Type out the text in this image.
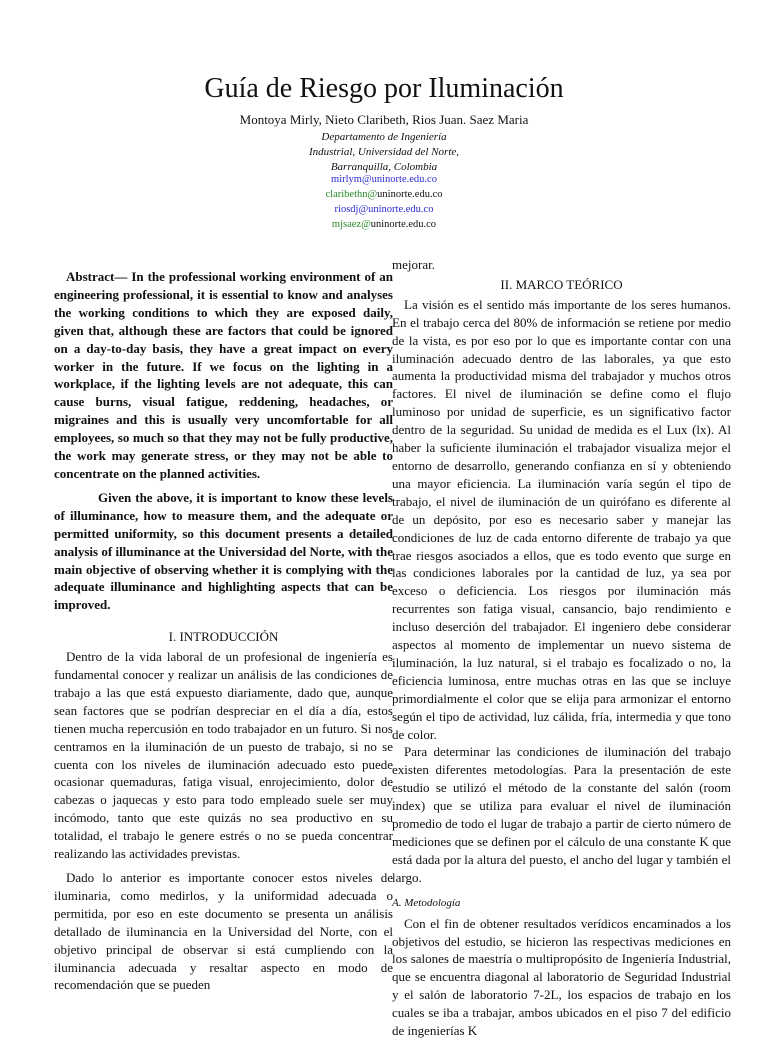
Guía de Riesgo por Iluminación
Montoya Mirly, Nieto Claribeth, Rios Juan. Saez Maria
Departamento de Ingeniería
Industrial, Universidad del Norte,
Barranquilla, Colombia
mirlym@uninorte.edu.co
claribethn@uninorte.edu.co
riosdj@uninorte.edu.co
mjsaez@uninorte.edu.co

Abstract— In the professional working environment of an engineering professional, it is essential to know and analyses the working conditions to which they are exposed daily, given that, although these are factors that could be ignored on a day-to-day basis, they have a great impact on every worker in the future. If we focus on the lighting in a workplace, if the lighting levels are not adequate, this can cause burns, visual fatigue, reddening, headaches, or migraines and this is usually very uncomfortable for all employees, so much so that they may not be fully productive, the work may generate stress, or they may not be able to concentrate on the planned activities.

Given the above, it is important to know these levels of illuminance, how to measure them, and the adequate or permitted uniformity, so this document presents a detailed analysis of illuminance at the Universidad del Norte, with the main objective of observing whether it is complying with the adequate illuminance and highlighting aspects that can be improved.

I. INTRODUCCIÓN

Dentro de la vida laboral de un profesional de ingeniería es fundamental conocer y realizar un análisis de las condiciones de trabajo a las que está expuesto diariamente, dado que, aunque sean factores que se podrían despreciar en el día a día, estos tienen mucha repercusión en todo trabajador en un futuro. Si nos centramos en la iluminación de un puesto de trabajo, si no se cuenta con los niveles de iluminación adecuado esto puede ocasionar quemaduras, fatiga visual, enrojecimiento, dolor de cabezas o jaquecas y esto para todo empleado suele ser muy incómodo, tanto que este quizás no sea productivo en su totalidad, el trabajo le genere estrés o no se pueda concentrar realizando las actividades previstas.

Dado lo anterior es importante conocer estos niveles de iluminaria, como medirlos, y la uniformidad adecuada o permitida, por eso en este documento se presenta un análisis detallado de iluminancia en la Universidad del Norte, con el objetivo principal de observar si está cumpliendo con la iluminancia adecuada y resaltar aspecto en modo de recomendación que se pueden

mejorar.

II. MARCO TEÓRICO

La visión es el sentido más importante de los seres humanos. En el trabajo cerca del 80% de información se retiene por medio de la vista, es por eso por lo que es importante contar con una iluminación adecuado dentro de las laborales, ya que esto aumenta la productividad misma del trabajador y muchos otros factores. El nivel de iluminación se define como el flujo luminoso por unidad de superficie, es un significativo factor dentro de la seguridad. Su unidad de medida es el Lux (lx). Al haber la suficiente iluminación el trabajador visualiza mejor el entorno de desarrollo, generando confianza en sí y obteniendo una mayor eficiencia. La iluminación varía según el tipo de trabajo, el nivel de iluminación de un quirófano es diferente al de un depósito, por eso es necesario saber y manejar las condiciones de luz de cada entorno diferente de trabajo ya que trae riesgos asociados a ellos, que es todo evento que surge en las condiciones laborales por la cantidad de luz, ya sea por exceso o deficiencia. Los riesgos por iluminación más recurrentes son fatiga visual, cansancio, bajo rendimiento e incluso deserción del trabajador. El ingeniero debe considerar aspectos al momento de implementar un nuevo sistema de iluminación, la luz natural, si el trabajo es focalizado o no, la eficiencia luminosa, entre muchas otras en las que se incluye primordialmente el color que se elija para armonizar el entorno según el tipo de actividad, luz cálida, fría, intermedia y que tono de color.

Para determinar las condiciones de iluminación del trabajo existen diferentes metodologías. Para la presentación de este estudio se utilizó el método de la constante del salón (room index) que se utiliza para evaluar el nivel de iluminación promedio de todo el lugar de trabajo a partir de cierto número de mediciones que se definen por el cálculo de una constante K que está dada por la altura del puesto, el ancho del lugar y también el largo.

A. Metodología

Con el fin de obtener resultados verídicos encaminados a los objetivos del estudio, se hicieron las respectivas mediciones en los salones de maestría o multipropósito de Ingeniería Industrial, que se encuentra diagonal al laboratorio de Seguridad Industrial y el salón de laboratorio 7-2L, los espacios de trabajo en los cuales se iba a trabajar, ambos ubicados en el piso 7 del edificio de ingenierías K
